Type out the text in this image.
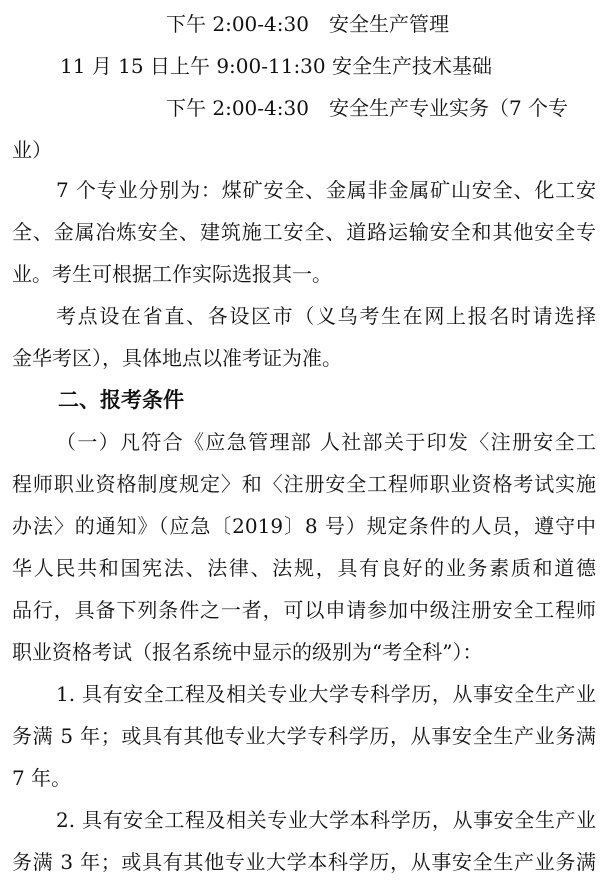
下午 2:00-4:30　安全生产管理
11 月 15 日上午 9:00-11:30 安全生产技术基础
下午 2:00-4:30　安全生产专业实务（7 个专
业）
7 个专业分别为：煤矿安全、金属非金属矿山安全、化工安
全、金属冶炼安全、建筑施工安全、道路运输安全和其他安全专
业。考生可根据工作实际选报其一。
考点设在省直、各设区市（义乌考生在网上报名时请选择
金华考区），具体地点以准考证为准。
二、报考条件
（一）凡符合《应急管理部 人社部关于印发〈注册安全工
程师职业资格制度规定〉和〈注册安全工程师职业资格考试实施
办法〉的通知》（应急〔2019〕8 号）规定条件的人员，遵守中
华人民共和国宪法、法律、法规，具有良好的业务素质和道德
品行，具备下列条件之一者，可以申请参加中级注册安全工程师
职业资格考试（报名系统中显示的级别为“考全科”）：
1. 具有安全工程及相关专业大学专科学历，从事安全生产业
务满 5 年；或具有其他专业大学专科学历，从事安全生产业务满
7 年。
2. 具有安全工程及相关专业大学本科学历，从事安全生产业
务满 3 年；或具有其他专业大学本科学历，从事安全生产业务满
